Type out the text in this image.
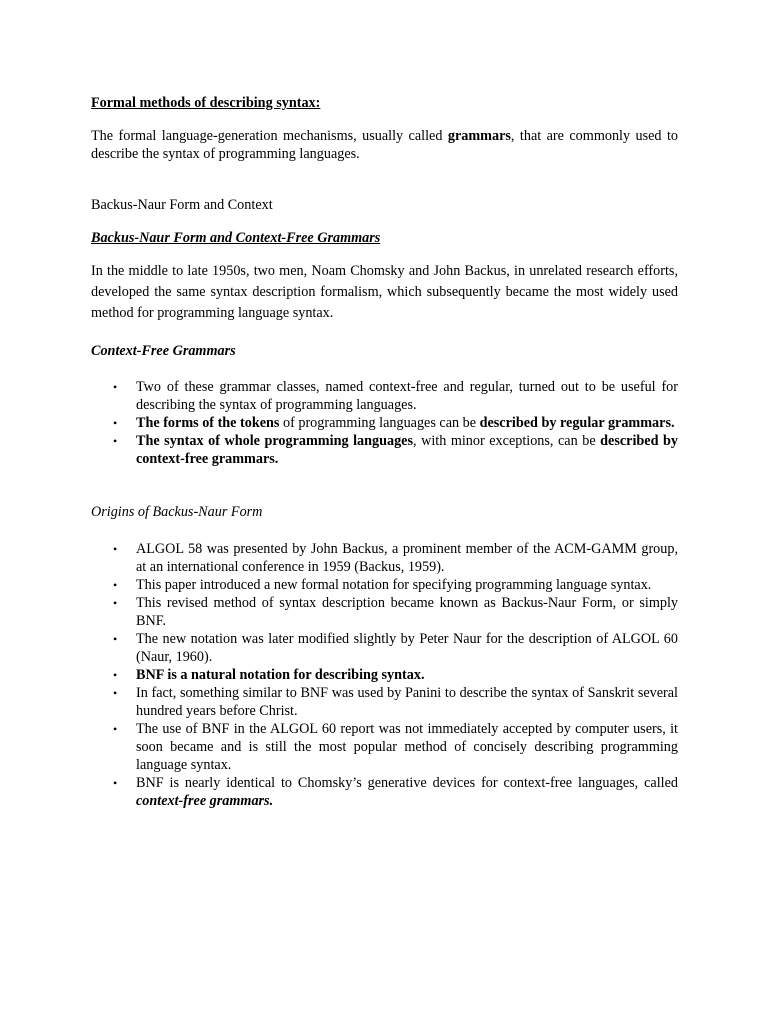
Formal methods of describing syntax:
The formal language-generation mechanisms, usually called grammars, that are commonly used to describe the syntax of programming languages.
Backus-Naur Form and Context
Backus-Naur Form and Context-Free Grammars
In the middle to late 1950s, two men, Noam Chomsky and John Backus, in unrelated research efforts, developed the same syntax description formalism, which subsequently became the most widely used method for programming language syntax.
Context-Free Grammars
• Two of these grammar classes, named context-free and regular, turned out to be useful for describing the syntax of programming languages.
• The forms of the tokens of programming languages can be described by regular grammars.
• The syntax of whole programming languages, with minor exceptions, can be described by context-free grammars.
Origins of Backus-Naur Form
• ALGOL 58 was presented by John Backus, a prominent member of the ACM-GAMM group, at an international conference in 1959 (Backus, 1959).
• This paper introduced a new formal notation for specifying programming language syntax.
• This revised method of syntax description became known as Backus-Naur Form, or simply BNF.
• The new notation was later modified slightly by Peter Naur for the description of ALGOL 60 (Naur, 1960).
• BNF is a natural notation for describing syntax.
• In fact, something similar to BNF was used by Panini to describe the syntax of Sanskrit several hundred years before Christ.
• The use of BNF in the ALGOL 60 report was not immediately accepted by computer users, it soon became and is still the most popular method of concisely describing programming language syntax.
• BNF is nearly identical to Chomsky’s generative devices for context-free languages, called context-free grammars.
